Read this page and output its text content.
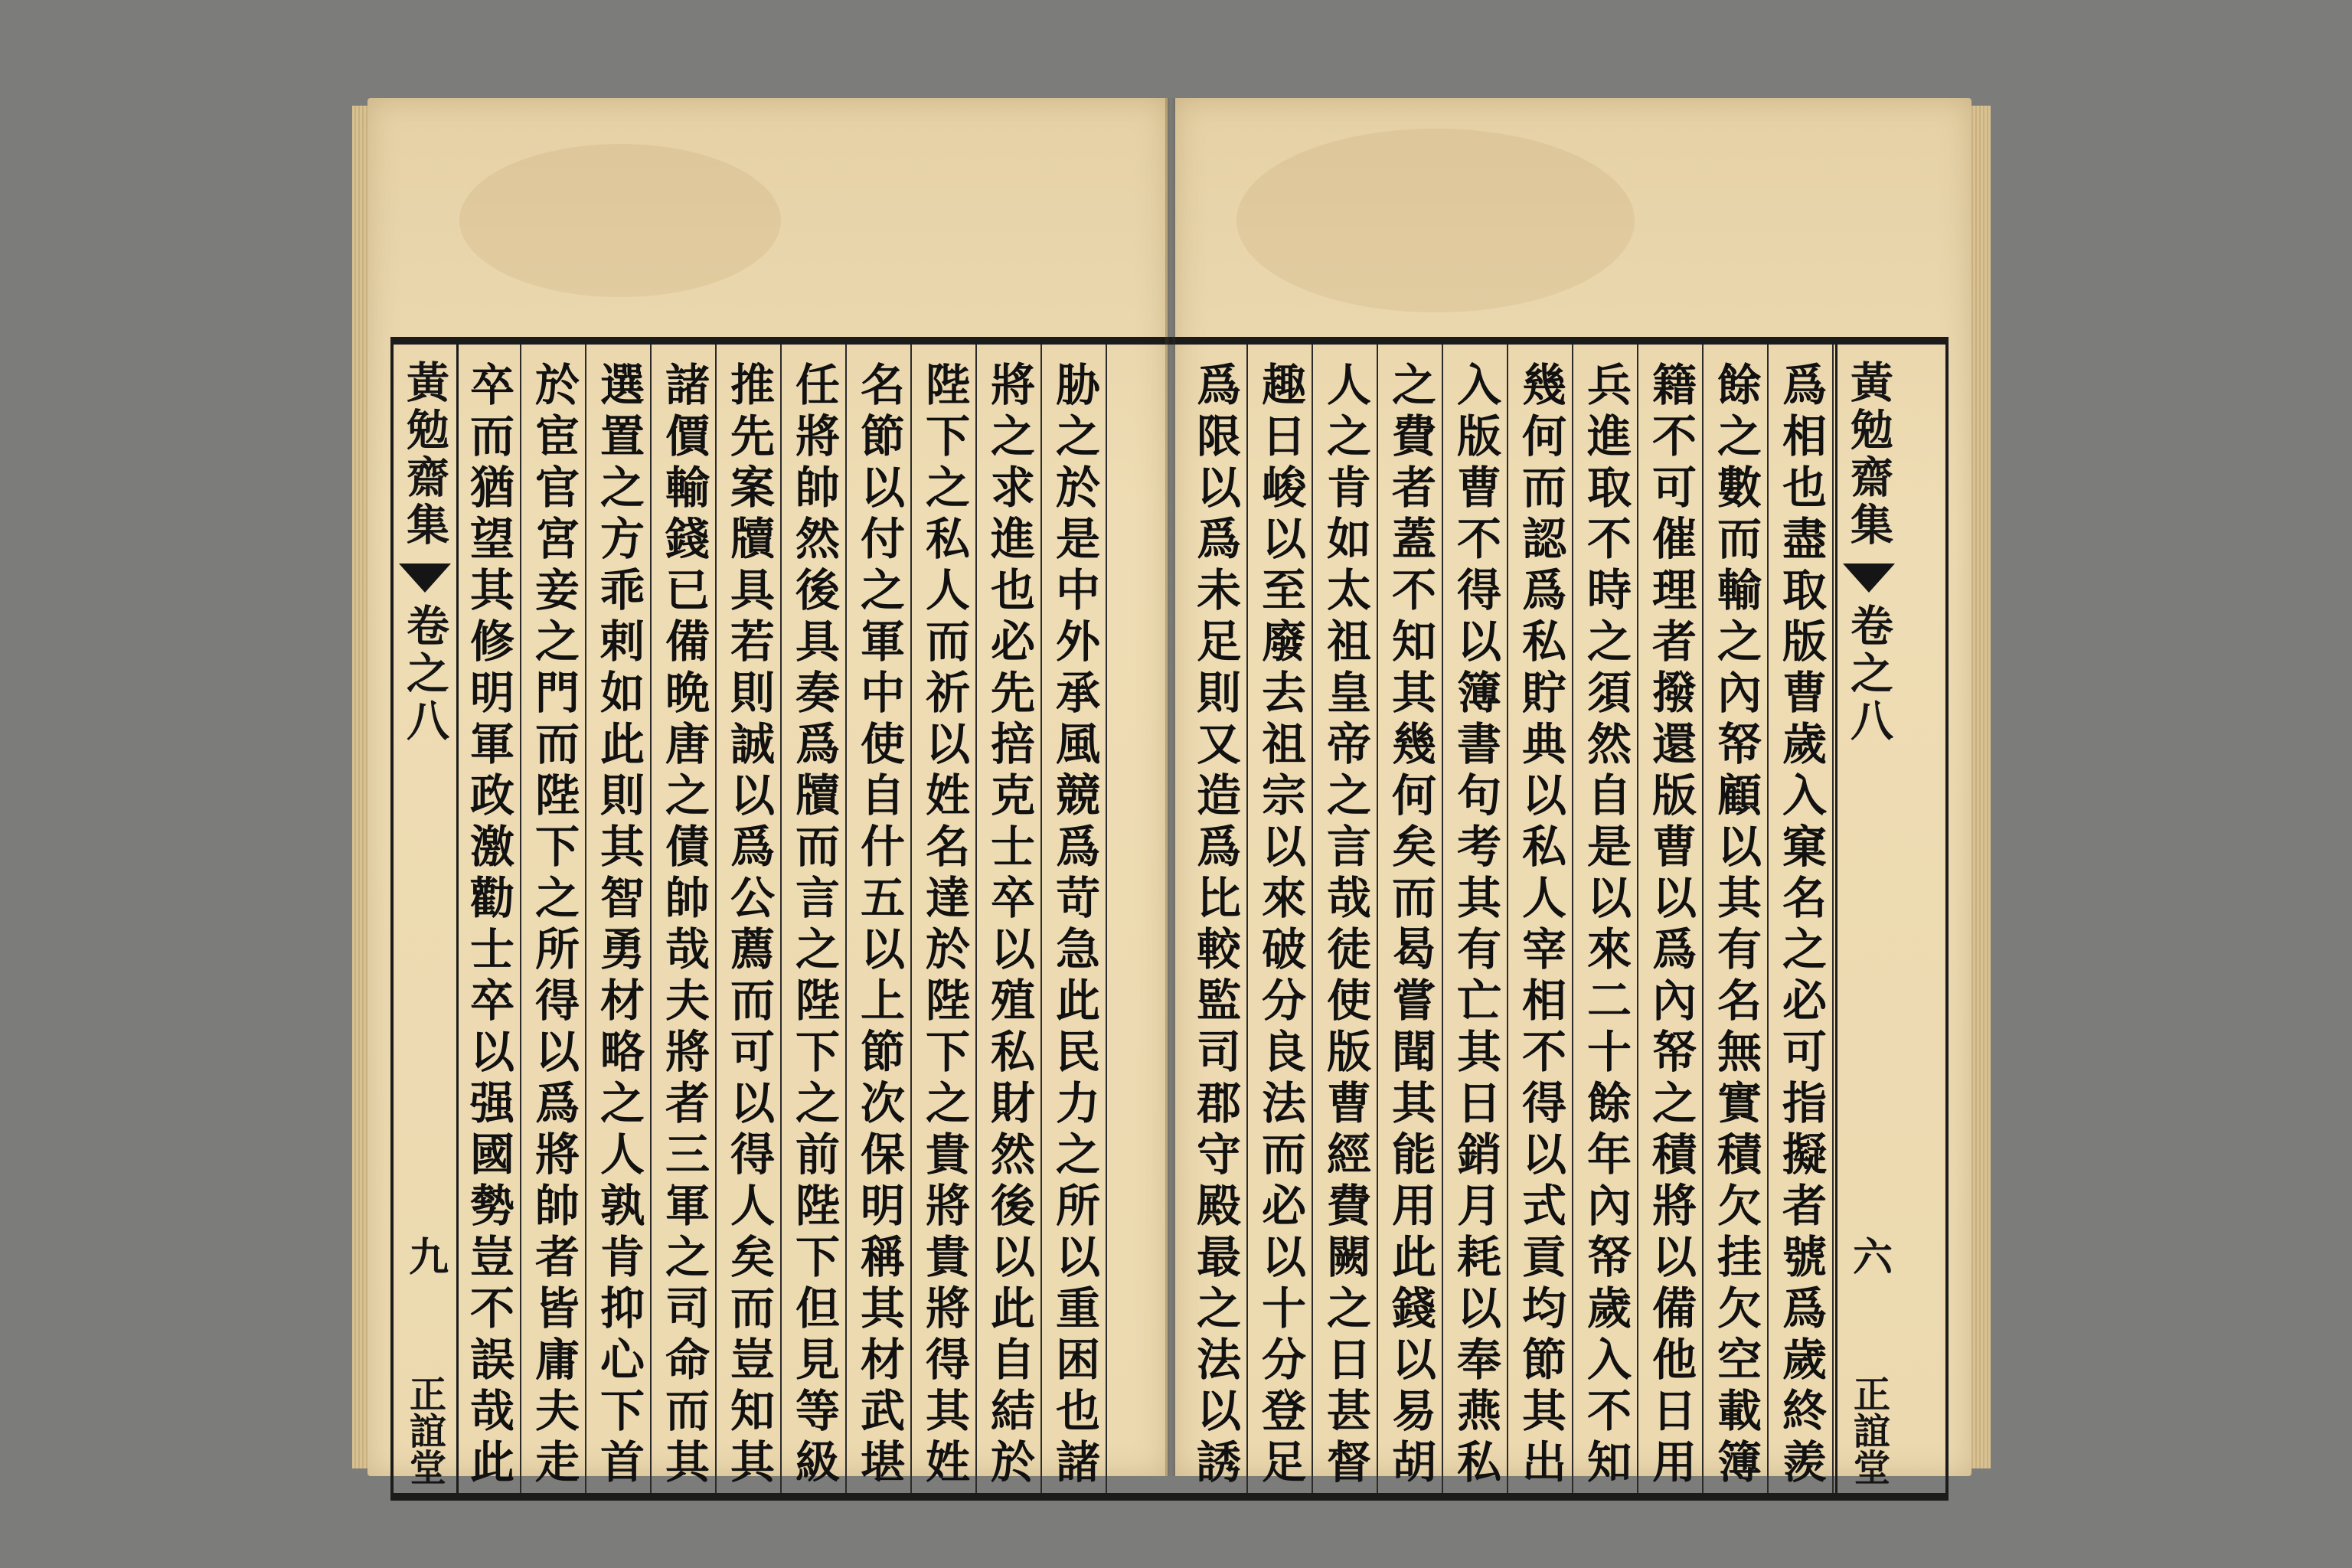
卒而猶望其修明軍政激勸士卒以强國勢豈不誤哉此 於宦官宮妾之門而陛下之所得以爲將帥者皆庸夫走 選置之方乖剌如此則其智勇材略之人孰肯抑心下首 諸價輸錢已備晩唐之債帥哉夫將者三軍之司命而其 推先案牘具若則誠以爲公薦而可以得人矣而豈知其 任將帥然後具奏爲牘而言之陛下之前陛下但見等級 名節以付之軍中使自什五以上節次保明稱其材武堪 陛下之私人而祈以姓名達於陛下之貴將貴將得其姓 將之求進也必先掊克士卒以殖私財然後以此自結於 胁之於是中外承風競爲苛急此民力之所以重困也諸
黃勉齋集
卷之八
九
正誼堂	爲限以爲未足則又造爲比較監司郡守殿最之法以誘 趣日峻以至廢去祖宗以來破分良法而必以十分登足 人之肯如太祖皇帝之言哉徒使版曹經費闕之日甚督 之費者蓋不知其幾何矣而曷嘗聞其能用此錢以易胡 入版曹不得以簿書句考其有亡其日銷月耗以奉燕私 幾何而認爲私貯典以私人宰相不得以式貢均節其出 兵進取不時之須然自是以來二十餘年內帑歲入不知 籍不可催理者撥還版曹以爲內帑之積將以備他日用 餘之數而輸之內帑顧以其有名無實積欠挂欠空載簿 爲相也盡取版曹歲入窠名之必可指擬者號爲歲終羨 黃勉齋集
卷之八
六
正誼堂
